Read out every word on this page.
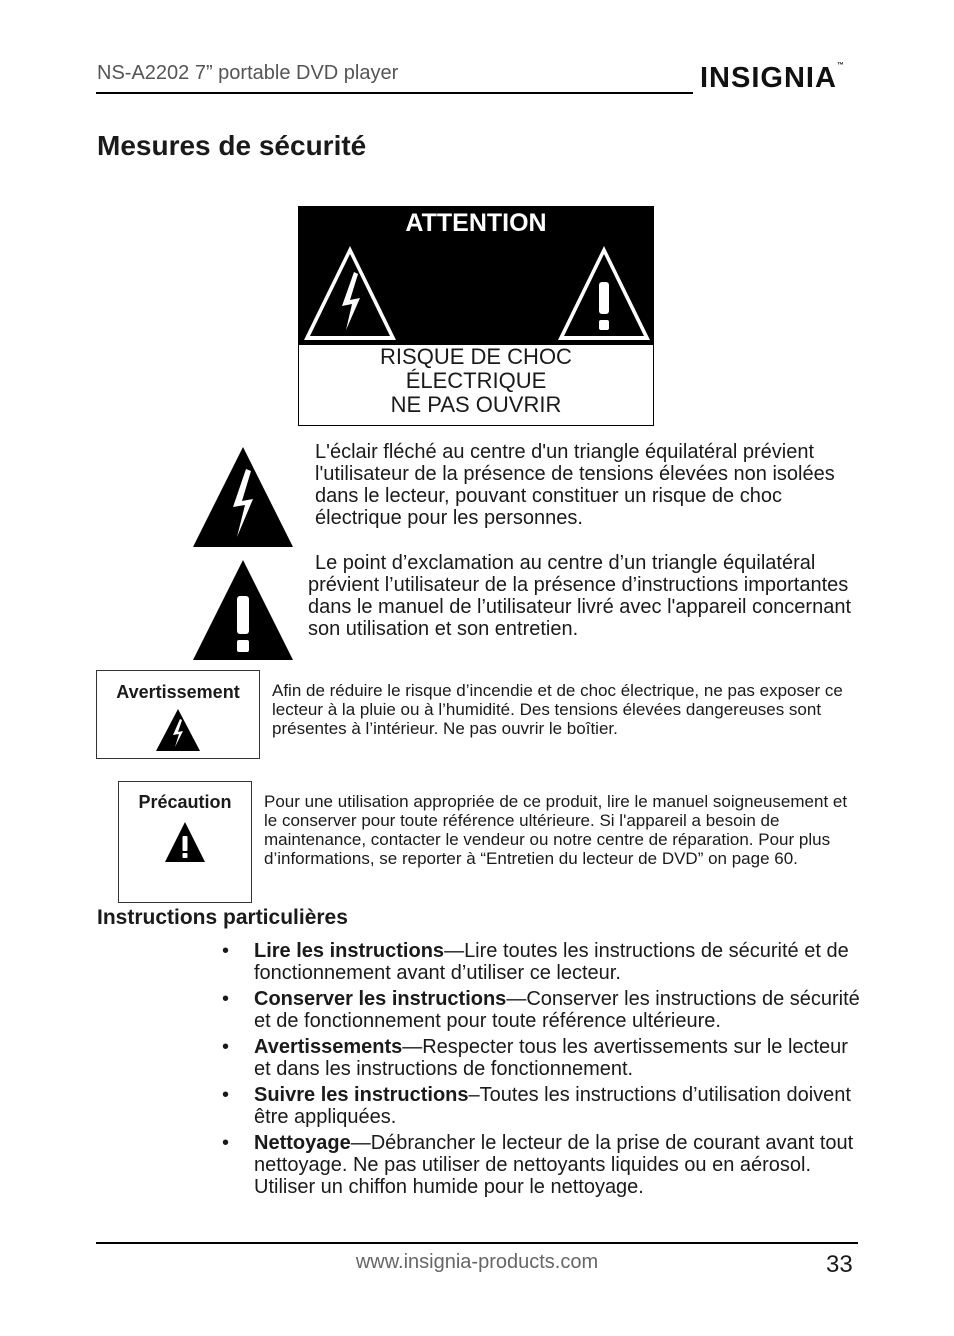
NS-A2202 7” portable DVD player	INSIGNIA™
Mesures de sécurité
ATTENTION
RISQUE DE CHOC
ÉLECTRIQUE
NE PAS OUVRIR
L'éclair fléché au centre d'un triangle équilatéral prévient l'utilisateur de la présence de tensions élevées non isolées dans le lecteur, pouvant constituer un risque de choc électrique pour les personnes.
Le point d’exclamation au centre d’un triangle équilatéral prévient l’utilisateur de la présence d’instructions importantes dans le manuel de l’utilisateur livré avec l'appareil concernant son utilisation et son entretien.
Avertissement	Afin de réduire le risque d’incendie et de choc électrique, ne pas exposer ce lecteur à la pluie ou à l’humidité. Des tensions élevées dangereuses sont présentes à l’intérieur. Ne pas ouvrir le boîtier.
Précaution	Pour une utilisation appropriée de ce produit, lire le manuel soigneusement et le conserver pour toute référence ultérieure. Si l'appareil a besoin de maintenance, contacter le vendeur ou notre centre de réparation. Pour plus d’informations, se reporter à “Entretien du lecteur de DVD” on page 60.
Instructions particulières
• Lire les instructions—Lire toutes les instructions de sécurité et de fonctionnement avant d’utiliser ce lecteur.
• Conserver les instructions—Conserver les instructions de sécurité et de fonctionnement pour toute référence ultérieure.
• Avertissements—Respecter tous les avertissements sur le lecteur et dans les instructions de fonctionnement.
• Suivre les instructions–Toutes les instructions d’utilisation doivent être appliquées.
• Nettoyage—Débrancher le lecteur de la prise de courant avant tout nettoyage. Ne pas utiliser de nettoyants liquides ou en aérosol. Utiliser un chiffon humide pour le nettoyage.
www.insignia-products.com	33
